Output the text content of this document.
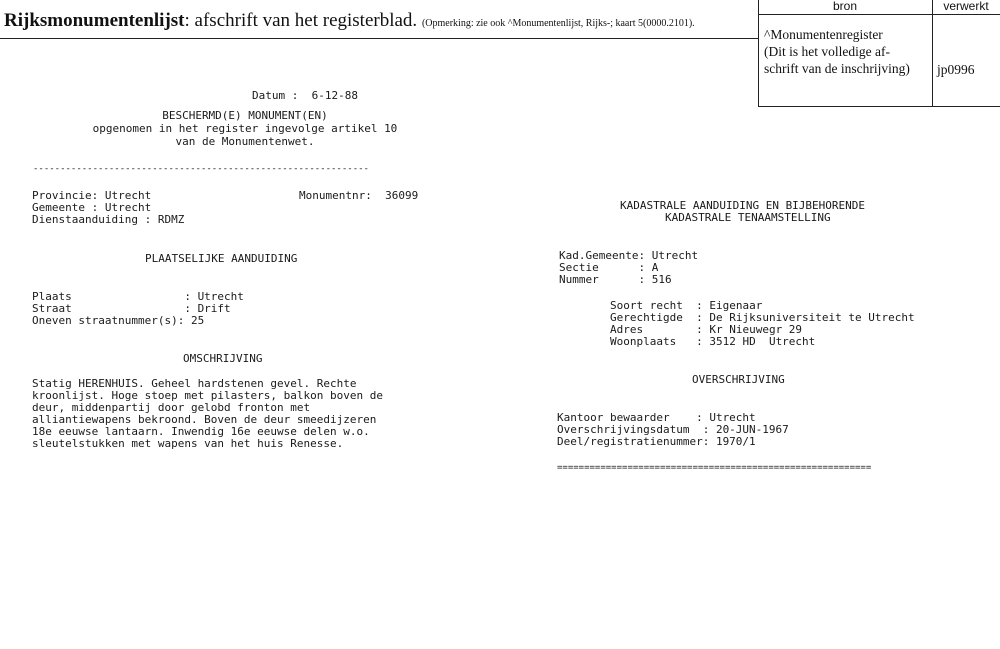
Rijksmonumentenlijst: afschrift van het registerblad. (Opmerking: zie ook ^Monumentenlijst, Rijks-; kaart 5(0000.2101).
bron	verwerkt
^Monumentenregister
(Dit is het volledige af-
schrift van de inschrijving)	jp0996
Datum :  6-12-88
BESCHERMD(E) MONUMENT(EN)
opgenomen in het register ingevolge artikel 10
van de Monumentenwet.
--------------------------------------------------------------
Provincie: Utrecht	Monumentnr:  36099
Gemeente : Utrecht
Dienstaanduiding : RDMZ
PLAATSELIJKE AANDUIDING
Plaats                 : Utrecht
Straat                 : Drift
Oneven straatnummer(s): 25
OMSCHRIJVING
Statig HERENHUIS. Geheel hardstenen gevel. Rechte
kroonlijst. Hoge stoep met pilasters, balkon boven de
deur, middenpartij door gelobd fronton met
alliantiewapens bekroond. Boven de deur smeedijzeren
18e eeuwse lantaarn. Inwendig 16e eeuwse delen w.o.
sleutelstukken met wapens van het huis Renesse.
KADASTRALE AANDUIDING EN BIJBEHORENDE
KADASTRALE TENAAMSTELLING
Kad.Gemeente: Utrecht
Sectie      : A
Nummer      : 516
Soort recht  : Eigenaar
Gerechtigde  : De Rijksuniversiteit te Utrecht
Adres        : Kr Nieuwegr 29
Woonplaats   : 3512 HD  Utrecht
OVERSCHRIJVING
Kantoor bewaarder    : Utrecht
Overschrijvingsdatum  : 20-JUN-1967
Deel/registratienummer: 1970/1
==========================================================
